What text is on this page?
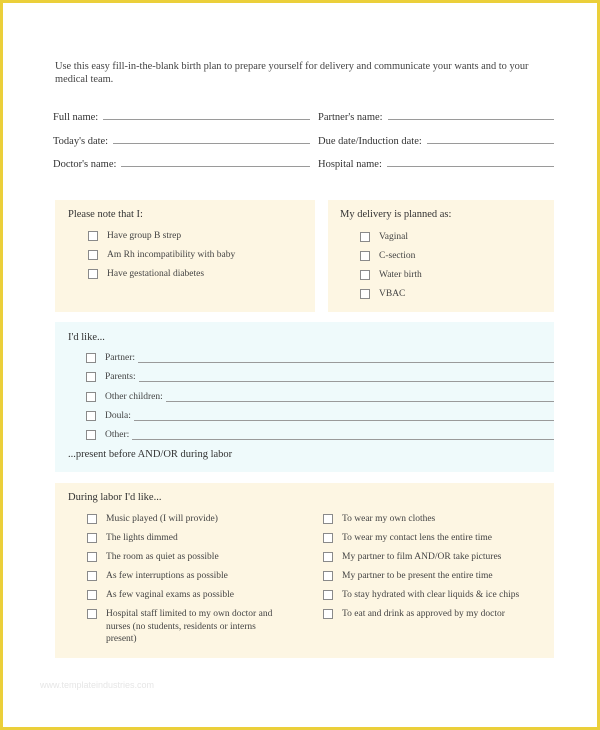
Use this easy fill-in-the-blank birth plan to prepare yourself for delivery and communicate your wants and to your medical team.

Full name:	Partner's name:
Today's date:	Due date/Induction date:
Doctor's name:	Hospital name:
Please note that I:
Have group B strep
Am Rh incompatibility with baby
Have gestational diabetes
My delivery is planned as:
Vaginal
C-section
Water birth
VBAC
I'd like...
Partner:
Parents:
Other children:
Doula:
Other:
...present before AND/OR during labor
During labor I'd like...
Music played (I will provide)
The lights dimmed
The room as quiet as possible
As few interruptions as possible
As few vaginal exams as possible
Hospital staff limited to my own doctor and nurses (no students, residents or interns present)
To wear my own clothes
To wear my contact lens the entire time
My partner to film AND/OR take pictures
My partner to be present the entire time
To stay hydrated with clear liquids & ice chips
To eat and drink as approved by my doctor
www.templateindustries.com
